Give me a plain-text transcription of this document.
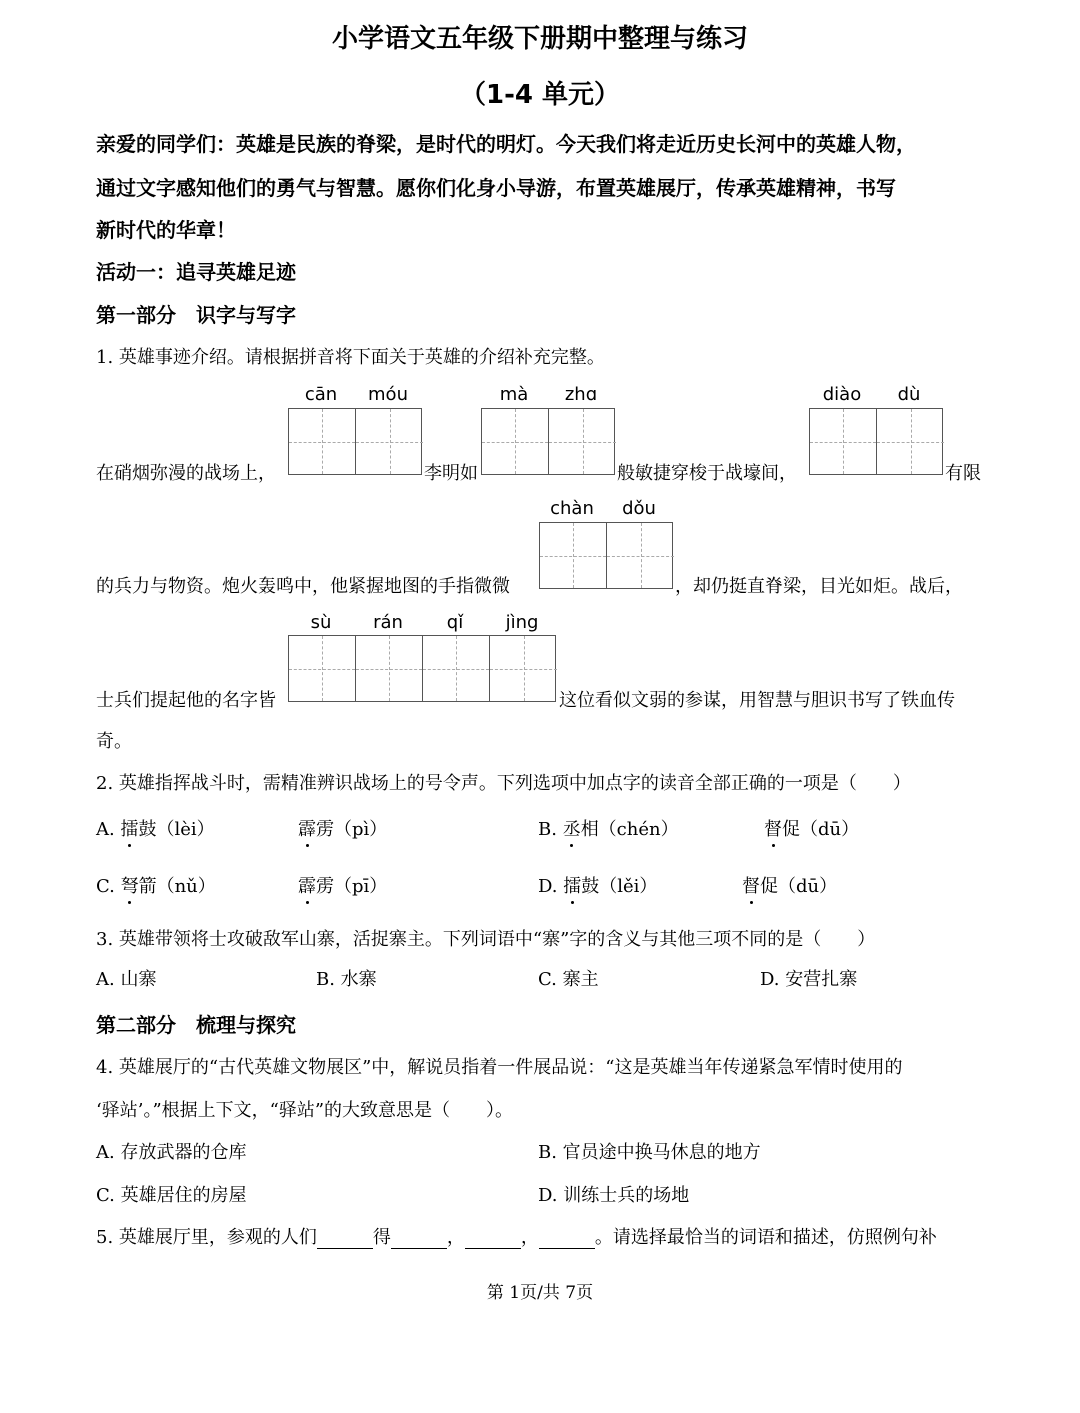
小学语文五年级下册期中整理与练习
（1-4 单元）
亲爱的同学们：英雄是民族的脊梁，是时代的明灯。今天我们将走近历史长河中的英雄人物，
通过文字感知他们的勇气与智慧。愿你们化身小导游，布置英雄展厅，传承英雄精神，书写
新时代的华章！
活动一：追寻英雄足迹
第一部分　识字与写字
1. 英雄事迹介绍。请根据拼音将下面关于英雄的介绍补充完整。
cān	móu	mà	zhɑ	diào	dù
在硝烟弥漫的战场上，	李明如	般敏捷穿梭于战壕间，	有限
chàn	dǒu
的兵力与物资。炮火轰鸣中，他紧握地图的手指微微	，却仍挺直脊梁，目光如炬。战后，
sù	rán	qǐ	jìng
士兵们提起他的名字皆	这位看似文弱的参谋，用智慧与胆识书写了铁血传
奇。
2. 英雄指挥战斗时，需精准辨识战场上的号令声。下列选项中加点字的读音全部正确的一项是（　　）
A. 擂鼓（lèi）	霹雳（pì）	B. 丞相（chén）	督促（dū）
C. 弩箭（nǔ）	霹雳（pī）	D. 擂鼓（lěi）	督促（dū）
3. 英雄带领将士攻破敌军山寨，活捉寨主。下列词语中“寨”字的含义与其他三项不同的是（　　）
A. 山寨	B. 水寨	C. 寨主	D. 安营扎寨
第二部分　梳理与探究
4. 英雄展厅的“古代英雄文物展区”中，解说员指着一件展品说：“这是英雄当年传递紧急军情时使用的
‘驿站’。”根据上下文，“驿站”的大致意思是（　　）。
A. 存放武器的仓库	B. 官员途中换马休息的地方
C. 英雄居住的房屋	D. 训练士兵的场地
5. 英雄展厅里，参观的人们	得	，	，	。请选择最恰当的词语和描述，仿照例句补
第 1页/共 7页
